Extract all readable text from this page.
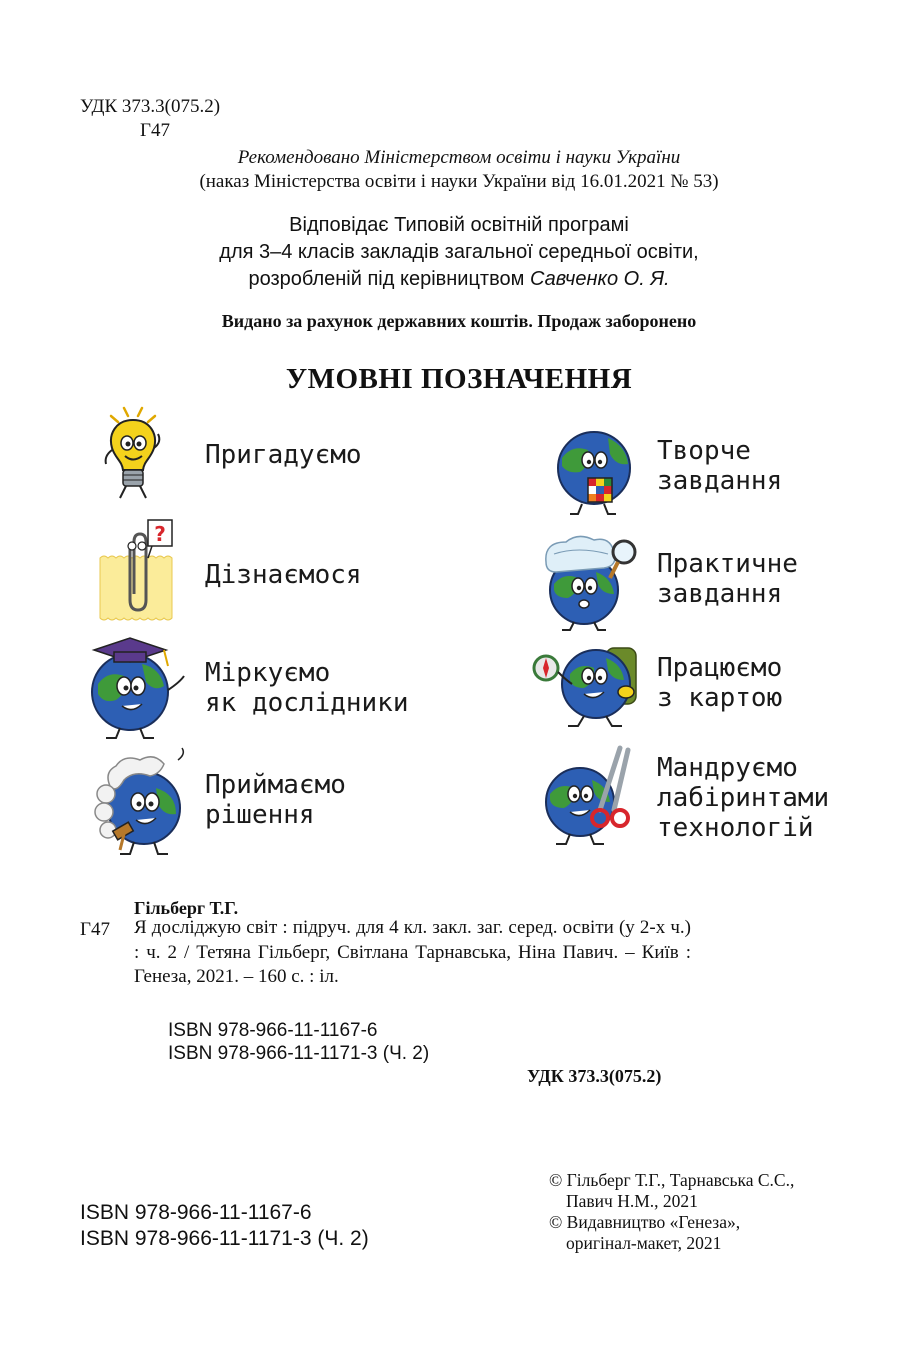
УДК 373.3(075.2)
Г47
Рекомендовано Міністерством освіти і науки України
(наказ Міністерства освіти і науки України від 16.01.2021 № 53)
Відповідає Типовій освітній програмі
для 3–4 класів закладів загальної середньої освіти,
розробленій під керівництвом Савченко О. Я.
Видано за рахунок державних коштів. Продаж заборонено
УМОВНІ ПОЗНАЧЕННЯ
Пригадуємо
?
Дізнаємося
Міркуємо
як дослідники
Приймаємо
рішення
Творче
завдання
Практичне
завдання
Працюємо
з картою
Мандруємо
лабіринтами
технологій
Гільберг Т.Г.
Г47 Я досліджую світ : підруч. для 4 кл. закл. заг. серед. освіти (у 2-х ч.) : ч. 2 / Тетяна Гільберг, Світлана Тарнавська, Ніна Павич. – Київ : Генеза, 2021. – 160 с. : іл.
ISBN 978-966-11-1167-6
ISBN 978-966-11-1171-3 (Ч. 2)
УДК 373.3(075.2)
ISBN 978-966-11-1167-6
ISBN 978-966-11-1171-3 (Ч. 2)
© Гільберг Т.Г., Тарнавська С.С.,
Павич Н.М., 2021
© Видавництво «Генеза»,
оригінал-макет, 2021
